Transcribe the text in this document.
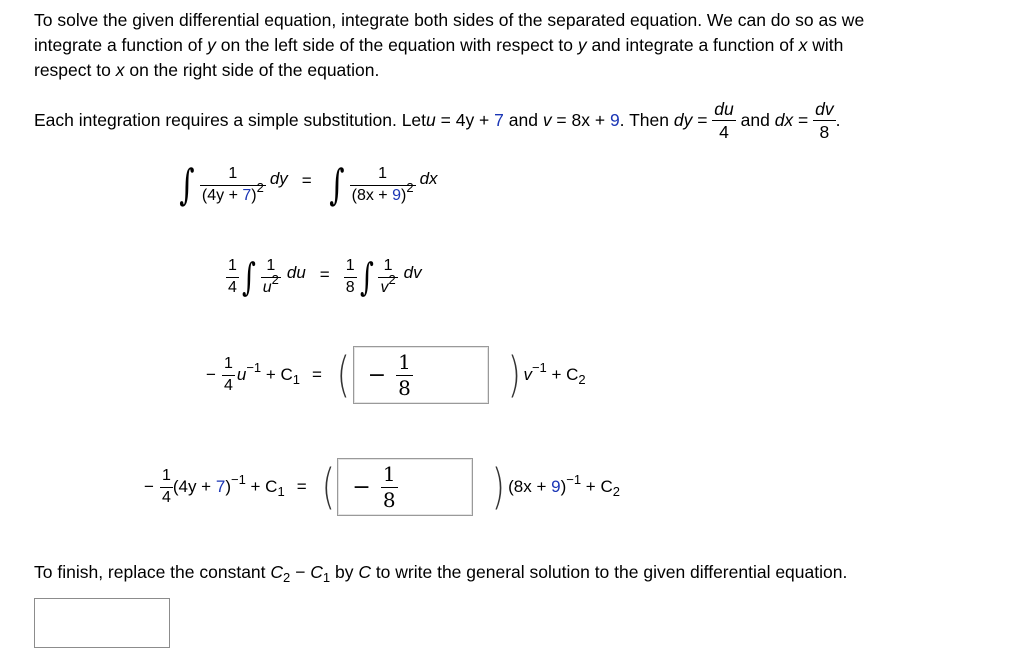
To solve the given differential equation, integrate both sides of the separated equation. We can do so as we
integrate a function of y on the left side of the equation with respect to y and integrate a function of x with
respect to x on the right side of the equation.
Each integration requires a simple substitution. Let u = 4y + 7 and v = 8x + 9 . Then dy = $\frac{du}{4}$ and dx = $\frac{dv}{8}$ .
∫ $\frac{1}{(4y + 7)^2}$ dy = ∫ $\frac{1}{(8x + 9)^2}$ dx
$\frac{1}{4}$ ∫ $\frac{1}{u^2}$ du = $\frac{1}{8}$ ∫ $\frac{1}{v^2}$ dv
− $\frac{1}{4}$ u −1 + C 1 = ( − $\frac{1}{8}$ ) v −1 + C 2
− $\frac{1}{4} (4y + 7$ ) −1 + C 1 = ( − $\frac{1}{8}$ ) (8x + 9 ) −1 + C 2
To finish, replace the constant $C_2 - C_1$ by C to write the general solution to the given differential equation.
